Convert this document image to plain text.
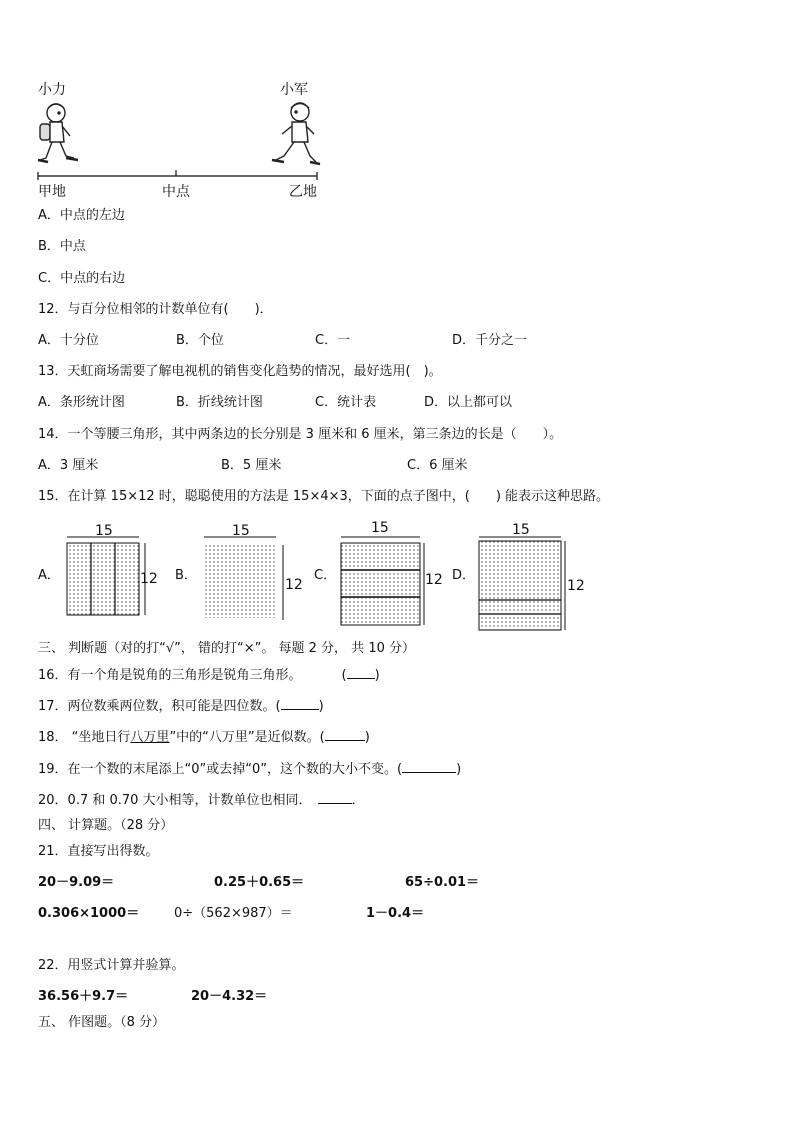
小力	小军
甲地	中点	乙地
A．中点的左边
B．中点
C．中点的右边
12．与百分位相邻的计数单位有(　　)．
A．十分位	B．个位	C．一	D．千分之一
13．天虹商场需要了解电视机的销售变化趋势的情况，最好选用(　)。
A．条形统计图	B．折线统计图	C．统计表	D．以上都可以
14．一个等腰三角形，其中两条边的长分别是 3 厘米和 6 厘米，第三条边的长是（　　）。
A．3 厘米	B．5 厘米	C．6 厘米
15．在计算 15×12 时，聪聪使用的方法是 15×4×3，下面的点子图中，(　　) 能表示这种思路。
A．	B．	C．	D．
15
12
15
12
15
12
15
12
三、 判断题（对的打“√”， 错的打“×”。 每题 2 分， 共 10 分）
16．有一个角是锐角的三角形是锐角三角形。	( )
17．两位数乘两位数，积可能是四位数。(	)
18． “坐地日行八万里”中的“八万里”是近似数。(	)
19．在一个数的末尾添上“0”或去掉“0”，这个数的大小不变。(	)
20．0.7 和 0.70 大小相等，计数单位也相同．	．
四、 计算题。（28 分）
21．直接写出得数。
20－9.09＝	0.25＋0.65＝	65÷0.01＝
0.306×1000＝	0÷（562×987）＝	1－0.4＝
22．用竖式计算并验算。
36.56＋9.7＝	20－4.32＝
五、 作图题。（8 分）
